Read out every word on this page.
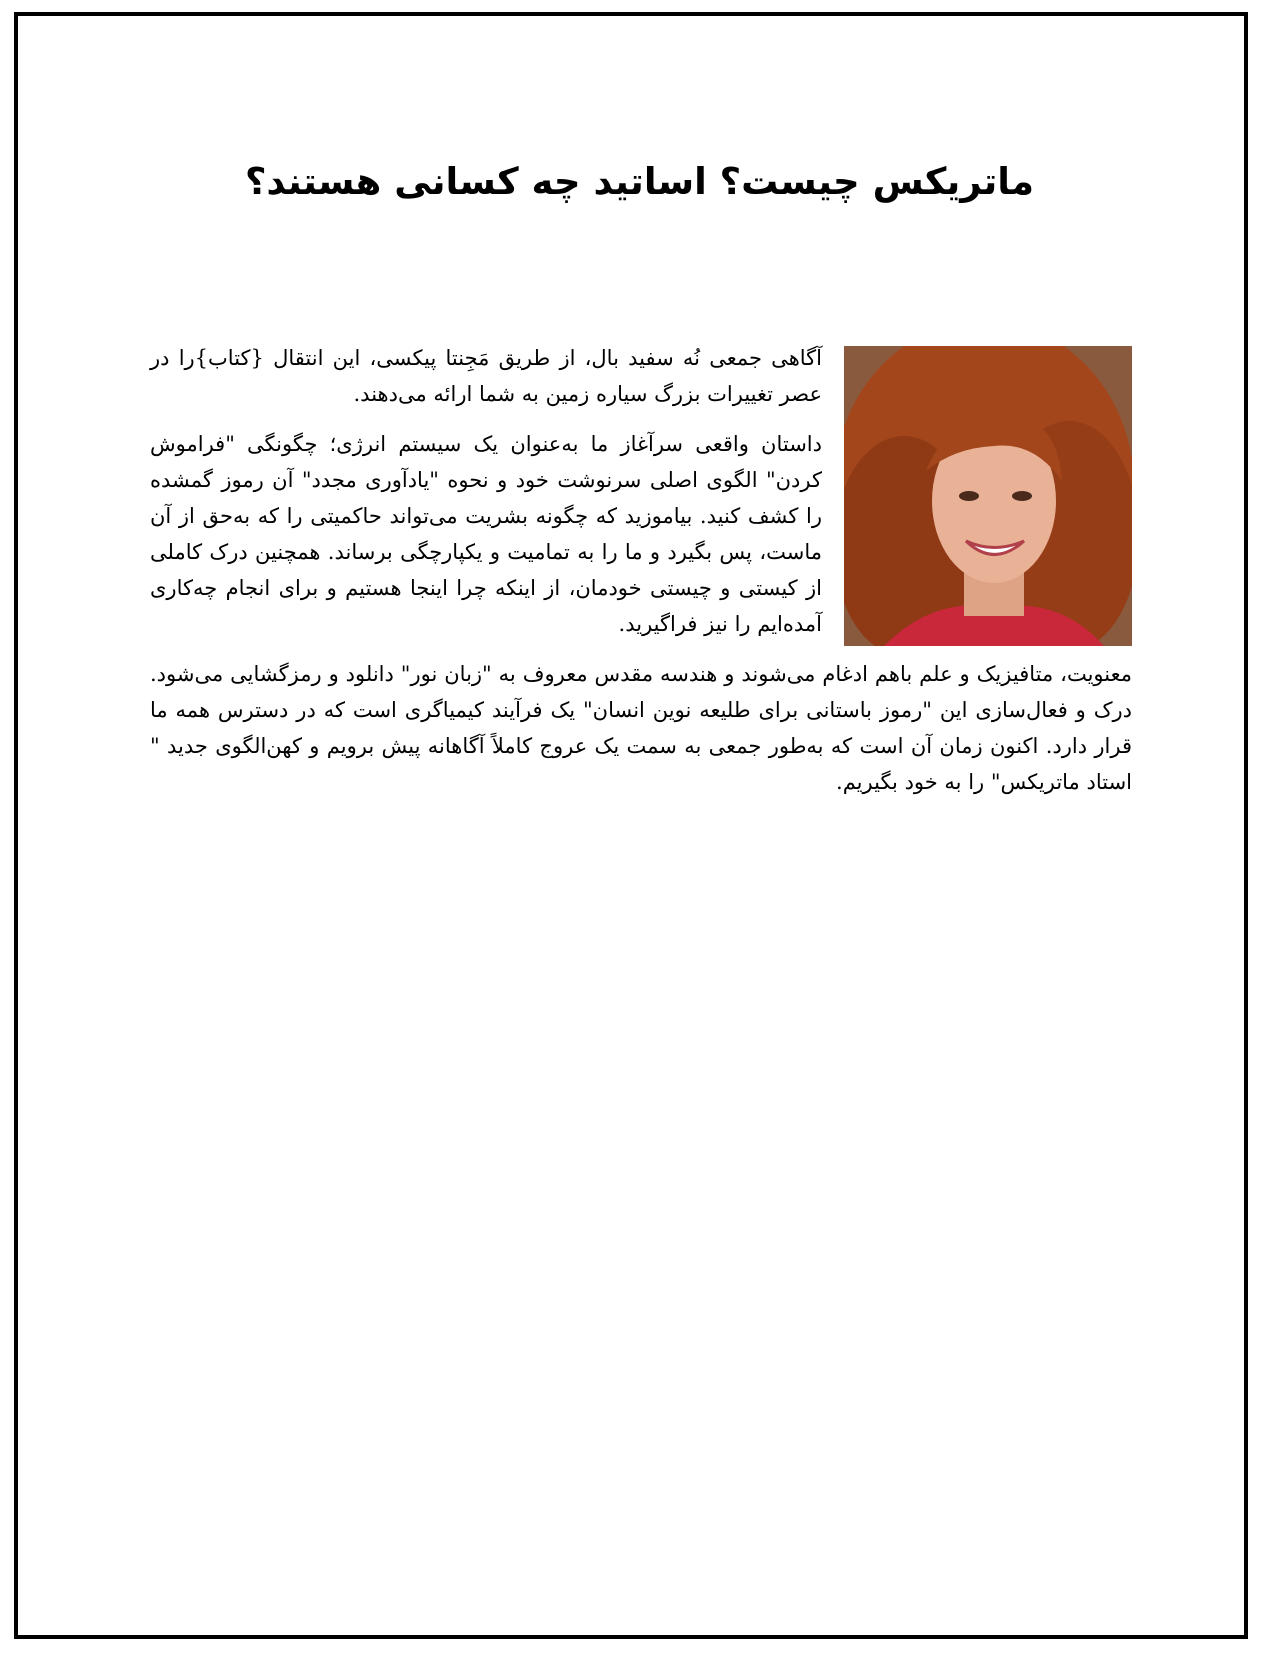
ماتریکس چیست؟ اساتید چه کسانی هستند؟

آگاهی جمعی نُه سفید بال، از طریق مَجِنتا پیکسی، این انتقال {کتاب}را در عصر تغییرات بزرگ سیاره زمین به شما ارائه می‌دهند.

داستان واقعی سرآغاز ما به‌عنوان یک سیستم انرژی؛ چگونگی "فراموش کردن" الگوی اصلی سرنوشت خود و نحوه "یادآوری مجدد" آن رموز گمشده را کشف کنید. بیاموزید که چگونه بشریت می‌تواند حاکمیتی را که به‌حق از آن ماست، پس بگیرد و ما را به تمامیت و یکپارچگی برساند. همچنین درک کاملی از کیستی و چیستی خودمان، از اینکه چرا اینجا هستیم و برای انجام چه‌کاری آمده‌ایم را نیز فراگیرید.

معنویت، متافیزیک و علم باهم ادغام می‌شوند و هندسه مقدس معروف به "زبان نور" دانلود و رمزگشایی می‌شود. درک و فعال‌سازی این "رموز باستانی برای طلیعه نوین انسان" یک فرآیند کیمیاگری است که در دسترس همه ما قرار دارد. اکنون زمان آن است که به‌طور جمعی به سمت یک عروج کاملاً آگاهانه پیش برویم و کهن‌الگوی جدید " استاد ماتریکس" را به خود بگیریم.
